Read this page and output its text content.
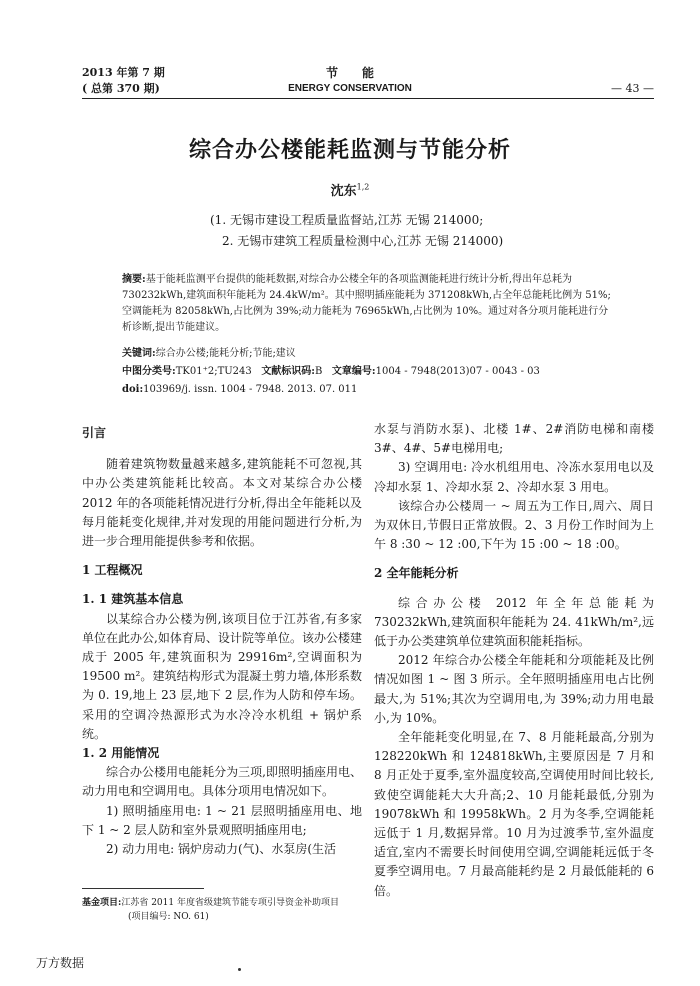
2013 年第 7 期
( 总第 370 期)
节　　能
ENERGY CONSERVATION	— 43 —
综合办公楼能耗监测与节能分析
沈东$^{1,2}$
(1. 无锡市建设工程质量监督站,江苏 无锡 214000;
2. 无锡市建筑工程质量检测中心,江苏 无锡 214000)
摘要:基于能耗监测平台提供的能耗数据,对综合办公楼全年的各项监测能耗进行统计分析,得出年总耗为 730232kWh,建筑面积年能耗为 24.4kW/m²。其中照明插座能耗为 371208kWh,占全年总能耗比例为 51%;空调能耗为 82058kWh,占比例为 39%;动力能耗为 76965kWh,占比例为 10%。通过对各分项月能耗进行分析诊断,提出节能建议。
关键词:综合办公楼;能耗分析;节能;建议
中图分类号:TK01⁺2;TU243 文献标识码:B 文章编号:1004 - 7948(2013)07 - 0043 - 03
doi:103969/j. issn. 1004 - 7948. 2013. 07. 011

引言

随着建筑物数量越来越多,建筑能耗不可忽视,其中办公类建筑能耗比较高。本文对某综合办公楼 2012 年的各项能耗情况进行分析,得出全年能耗以及每月能耗变化规律,并对发现的用能问题进行分析,为进一步合理用能提供参考和依据。

1 工程概况

1. 1 建筑基本信息

以某综合办公楼为例,该项目位于江苏省,有多家单位在此办公,如体育局、设计院等单位。该办公楼建成于 2005 年,建筑面积为 29916m²,空调面积为19500 m²。建筑结构形式为混凝土剪力墙,体形系数为 0. 19,地上 23 层,地下 2 层,作为人防和停车场。采用的空调冷热源形式为水冷冷水机组 + 锅炉系统。

1. 2 用能情况

综合办公楼用电能耗分为三项,即照明插座用电、动力用电和空调用电。具体分项用电情况如下。

1) 照明插座用电: 1 ~ 21 层照明插座用电、地下 1 ~ 2 层人防和室外景观照明插座用电;

2) 动力用电: 锅炉房动力(气)、水泵房(生活

水泵与消防水泵)、北楼 1#、2#消防电梯和南楼 3#、4#、5#电梯用电;

3) 空调用电: 冷水机组用电、冷冻水泵用电以及冷却水泵 1、冷却水泵 2、冷却水泵 3 用电。

该综合办公楼周一 ~ 周五为工作日,周六、周日为双休日,节假日正常放假。2、3 月份工作时间为上午 8 :30 ~ 12 :00,下午为 15 :00 ~ 18 :00。

2 全年能耗分析

综合办公楼 2012 年全年总能耗为 730232kWh,建筑面积年能耗为 24. 41kWh/m²,远低于办公类建筑单位建筑面积能耗指标。

2012 年综合办公楼全年能耗和分项能耗及比例情况如图 1 ~ 图 3 所示。全年照明插座用电占比例最大,为 51%;其次为空调用电,为 39%;动力用电最小,为 10%。

全年能耗变化明显,在 7、8 月能耗最高,分别为 128220kWh 和 124818kWh,主要原因是 7 月和 8 月正处于夏季,室外温度较高,空调使用时间比较长,致使空调能耗大大升高;2、10 月能耗最低,分别为 19078kWh 和 19958kWh。2 月为冬季,空调能耗远低于 1 月,数据异常。10 月为过渡季节,室外温度适宜,室内不需要长时间使用空调,空调能耗远低于冬夏季空调用电。7 月最高能耗约是 2 月最低能耗的 6 倍。

基金项目:江苏省 2011 年度省级建筑节能专项引导资金补助项目
(项目编号: NO. 61)
万方数据
